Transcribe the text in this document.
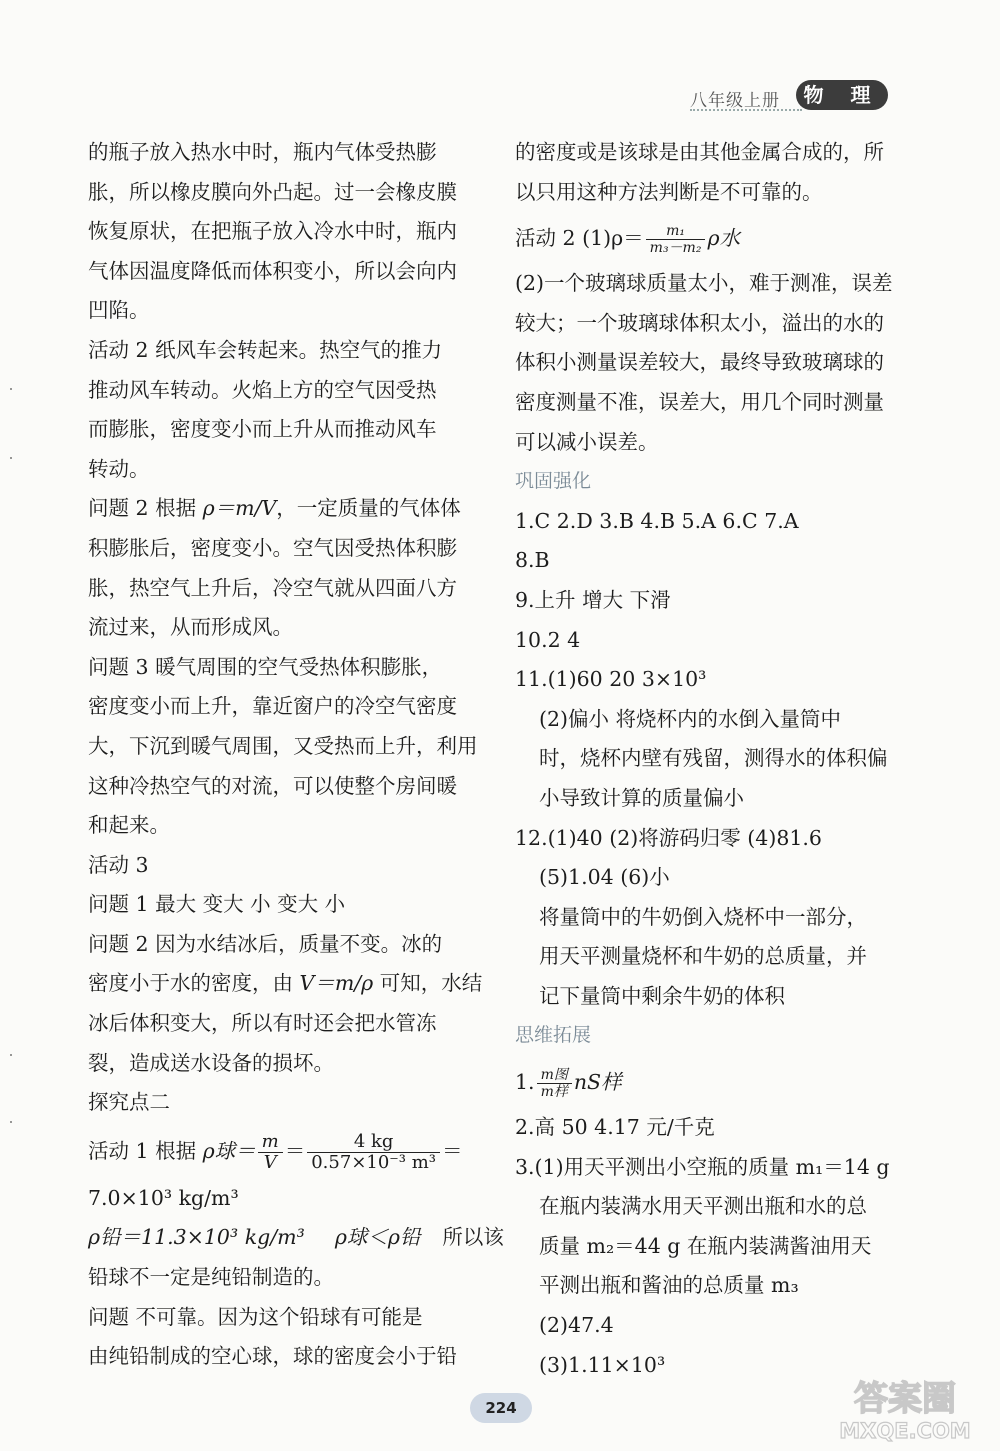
八年级上册	物 理
的瓶子放入热水中时，瓶内气体受热膨
胀，所以橡皮膜向外凸起。过一会橡皮膜
恢复原状，在把瓶子放入冷水中时，瓶内
气体因温度降低而体积变小，所以会向内
凹陷。
活动 2 纸风车会转起来。热空气的推力
推动风车转动。火焰上方的空气因受热
而膨胀，密度变小而上升从而推动风车
转动。
问题 2 根据 ρ＝m/V，一定质量的气体体
积膨胀后，密度变小。空气因受热体积膨
胀，热空气上升后，冷空气就从四面八方
流过来，从而形成风。
问题 3 暖气周围的空气受热体积膨胀，
密度变小而上升，靠近窗户的冷空气密度
大，下沉到暖气周围，又受热而上升，利用
这种冷热空气的对流，可以使整个房间暖
和起来。
活动 3
问题 1 最大 变大 小 变大 小
问题 2 因为水结冰后，质量不变。冰的
密度小于水的密度，由 V＝m/ρ 可知，水结
冰后体积变大，所以有时还会把水管冻
裂，造成送水设备的损坏。
探究点二
活动 1 根据 ρ球＝ $\frac{m}{V} = \frac{4 kg}{\text{0.57×10⁻³ m³}}$ ＝
7.0×10³ kg/m³
ρ铅＝11.3×10³ kg/m³ ρ球＜ρ铅 所以该
铅球不一定是纯铅制造的。
问题 不可靠。因为这个铅球有可能是
由纯铅制成的空心球，球的密度会小于铅
的密度或是该球是由其他金属合成的，所
以只用这种方法判断是不可靠的。
活动 2 $(1)\rho= \frac{\text{m₁}}{\text{m₃－m₂}}$ ρ水
(2)一个玻璃球质量太小，难于测准，误差
较大；一个玻璃球体积太小，溢出的水的
体积小测量误差较大，最终导致玻璃球的
密度测量不准，误差大，用几个同时测量
可以减小误差。
巩固强化
1.C 2.D 3.B 4.B 5.A 6.C 7.A
8.B
9.上升 增大 下滑
10.2 4
11.(1)60 20 3×10³
(2)偏小 将烧杯内的水倒入量筒中
时，烧杯内壁有残留，测得水的体积偏
小导致计算的质量偏小
12.(1)40 (2)将游码归零 (4)81.6
(5)1.04 (6)小
将量筒中的牛奶倒入烧杯中一部分，
用天平测量烧杯和牛奶的总质量，并
记下量筒中剩余牛奶的体积
思维拓展
1. $\frac{\text{m图}}{\text{m样}}$ nS样
2.高 50 4.17 元/千克
3.(1)用天平测出小空瓶的质量 m₁＝14 g
在瓶内装满水用天平测出瓶和水的总
质量 m₂＝44 g 在瓶内装满酱油用天
平测出瓶和酱油的总质量 m₃
(2)47.4
(3)1.11×10³
224	答案圈
MXQE.COM
